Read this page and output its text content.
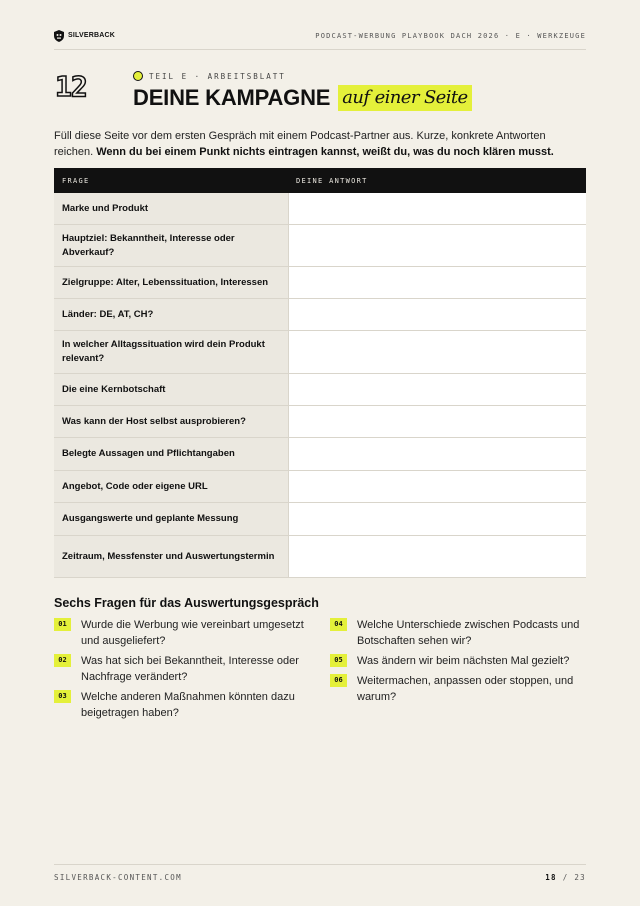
SILVERBACK	PODCAST-WERBUNG PLAYBOOK DACH 2026 · E · WERKZEUGE
12	TEIL E · ARBEITSBLATT
DEINE KAMPAGNE auf einer Seite

Füll diese Seite vor dem ersten Gespräch mit einem Podcast-Partner aus. Kurze, konkrete Antworten reichen. Wenn du bei einem Punkt nichts eintragen kannst, weißt du, was du noch klären musst.

FRAGE	DEINE ANTWORT
Marke und Produkt
Hauptziel: Bekanntheit, Interesse oder Abverkauf?
Zielgruppe: Alter, Lebenssituation, Interessen
Länder: DE, AT, CH?
In welcher Alltagssituation wird dein Produkt relevant?
Die eine Kernbotschaft
Was kann der Host selbst ausprobieren?
Belegte Aussagen und Pflichtangaben
Angebot, Code oder eigene URL
Ausgangswerte und geplante Messung
Zeitraum, Messfenster und Auswertungstermin
Sechs Fragen für das Auswertungsgespräch
01	Wurde die Werbung wie vereinbart umgesetzt und ausgeliefert?
02	Was hat sich bei Bekanntheit, Interesse oder Nachfrage verändert?
03	Welche anderen Maßnahmen könnten dazu beigetragen haben?
04	Welche Unterschiede zwischen Podcasts und Botschaften sehen wir?
05	Was ändern wir beim nächsten Mal gezielt?
06	Weitermachen, anpassen oder stoppen, und warum?
SILVERBACK-CONTENT.COM	18 / 23
